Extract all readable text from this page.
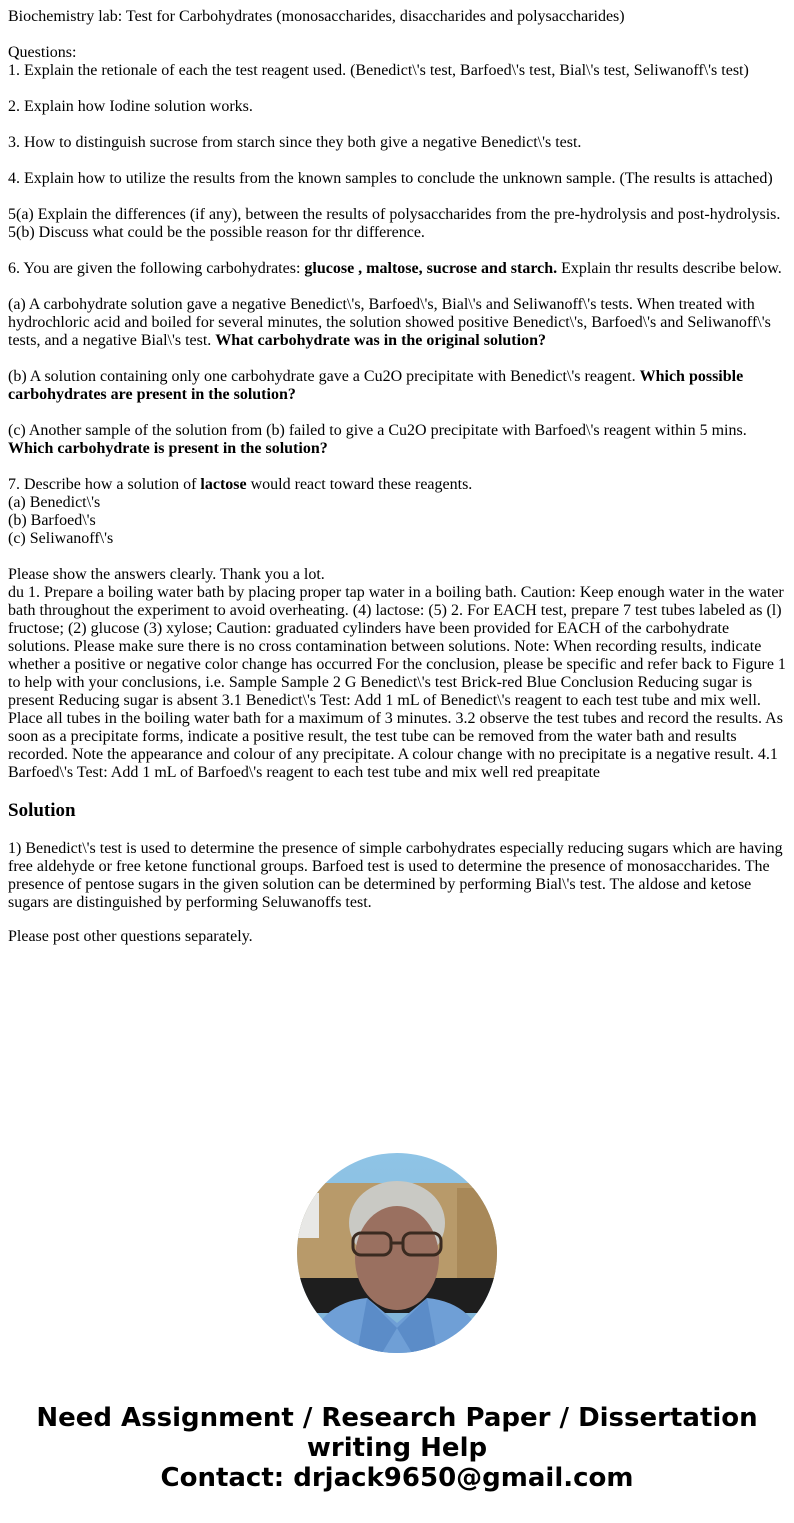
Biochemistry lab: Test for Carbohydrates (monosaccharides, disaccharides and polysaccharides)
Questions:
1. Explain the retionale of each the test reagent used. (Benedict\'s test, Barfoed\'s test, Bial\'s test, Seliwanoff\'s test)
2. Explain how Iodine solution works.
3. How to distinguish sucrose from starch since they both give a negative Benedict\'s test.
4. Explain how to utilize the results from the known samples to conclude the unknown sample. (The results is attached)
5(a) Explain the differences (if any), between the results of polysaccharides from the pre-hydrolysis and post-hydrolysis.
5(b) Discuss what could be the possible reason for thr difference.
6. You are given the following carbohydrates: glucose , maltose, sucrose and starch. Explain thr results describe below.
(a) A carbohydrate solution gave a negative Benedict\'s, Barfoed\'s, Bial\'s and Seliwanoff\'s tests. When treated with hydrochloric acid and boiled for several minutes, the solution showed positive Benedict\'s, Barfoed\'s and Seliwanoff\'s tests, and a negative Bial\'s test. What carbohydrate was in the original solution?
(b) A solution containing only one carbohydrate gave a Cu2O precipitate with Benedict\'s reagent. Which possible carbohydrates are present in the solution?
(c) Another sample of the solution from (b) failed to give a Cu2O precipitate with Barfoed\'s reagent within 5 mins. Which carbohydrate is present in the solution?
7. Describe how a solution of lactose would react toward these reagents.
(a) Benedict\'s
(b) Barfoed\'s
(c) Seliwanoff\'s
Please show the answers clearly. Thank you a lot.
du 1. Prepare a boiling water bath by placing proper tap water in a boiling bath. Caution: Keep enough water in the water bath throughout the experiment to avoid overheating. (4) lactose: (5) 2. For EACH test, prepare 7 test tubes labeled as (l) fructose; (2) glucose (3) xylose; Caution: graduated cylinders have been provided for EACH of the carbohydrate solutions. Please make sure there is no cross contamination between solutions. Note: When recording results, indicate whether a positive or negative color change has occurred For the conclusion, please be specific and refer back to Figure 1 to help with your conclusions, i.e. Sample Sample 2 G Benedict\'s test Brick-red Blue Conclusion Reducing sugar is present Reducing sugar is absent 3.1 Benedict\'s Test: Add 1 mL of Benedict\'s reagent to each test tube and mix well. Place all tubes in the boiling water bath for a maximum of 3 minutes. 3.2 observe the test tubes and record the results. As soon as a precipitate forms, indicate a positive result, the test tube can be removed from the water bath and results recorded. Note the appearance and colour of any precipitate. A colour change with no precipitate is a negative result. 4.1 Barfoed\'s Test: Add 1 mL of Barfoed\'s reagent to each test tube and mix well red preapitate
Solution

1) Benedict\'s test is used to determine the presence of simple carbohydrates especially reducing sugars which are having free aldehyde or free ketone functional groups. Barfoed test is used to determine the presence of monosaccharides. The presence of pentose sugars in the given solution can be determined by performing Bial\'s test. The aldose and ketose sugars are distinguished by performing Seluwanoffs test.

Please post other questions separately.

Need Assignment / Research Paper / Dissertation
writing Help
Contact: drjack9650@gmail.com
